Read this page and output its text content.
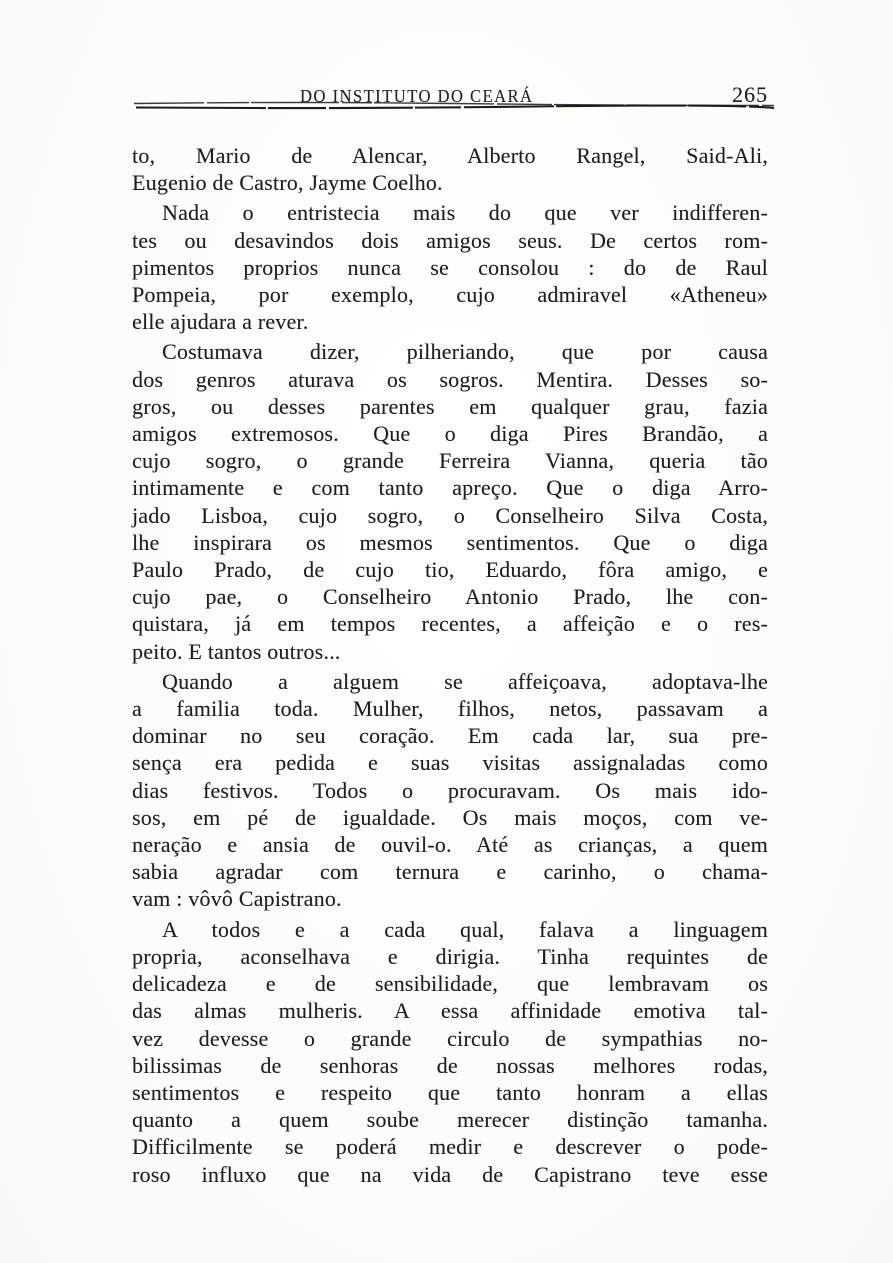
DO INSTITUTO DO CEARÁ	265
to, Mario de Alencar, Alberto Rangel, Said-Ali,
Eugenio de Castro, Jayme Coelho.
Nada o entristecia mais do que ver indifferen-
tes ou desavindos dois amigos seus. De certos rom-
pimentos proprios nunca se consolou : do de Raul
Pompeia, por exemplo, cujo admiravel «Atheneu»
elle ajudara a rever.
Costumava dizer, pilheriando, que por causa
dos genros aturava os sogros. Mentira. Desses so-
gros, ou desses parentes em qualquer grau, fazia
amigos extremosos. Que o diga Pires Brandão, a
cujo sogro, o grande Ferreira Vianna, queria tão
intimamente e com tanto apreço. Que o diga Arro-
jado Lisboa, cujo sogro, o Conselheiro Silva Costa,
lhe inspirara os mesmos sentimentos. Que o diga
Paulo Prado, de cujo tio, Eduardo, fôra amigo, e
cujo pae, o Conselheiro Antonio Prado, lhe con-
quistara, já em tempos recentes, a affeição e o res-
peito. E tantos outros...
Quando a alguem se affeiçoava, adoptava-lhe
a familia toda. Mulher, filhos, netos, passavam a
dominar no seu coração. Em cada lar, sua pre-
sença era pedida e suas visitas assignaladas como
dias festivos. Todos o procuravam. Os mais ido-
sos, em pé de igualdade. Os mais moços, com ve-
neração e ansia de ouvil-o. Até as crianças, a quem
sabia agradar com ternura e carinho, o chama-
vam : vôvô Capistrano.
A todos e a cada qual, falava a linguagem
propria, aconselhava e dirigia. Tinha requintes de
delicadeza e de sensibilidade, que lembravam os
das almas mulheris. A essa affinidade emotiva tal-
vez devesse o grande circulo de sympathias no-
bilissimas de senhoras de nossas melhores rodas,
sentimentos e respeito que tanto honram a ellas
quanto a quem soube merecer distinção tamanha.
Difficilmente se poderá medir e descrever o pode-
roso influxo que na vida de Capistrano teve esse
